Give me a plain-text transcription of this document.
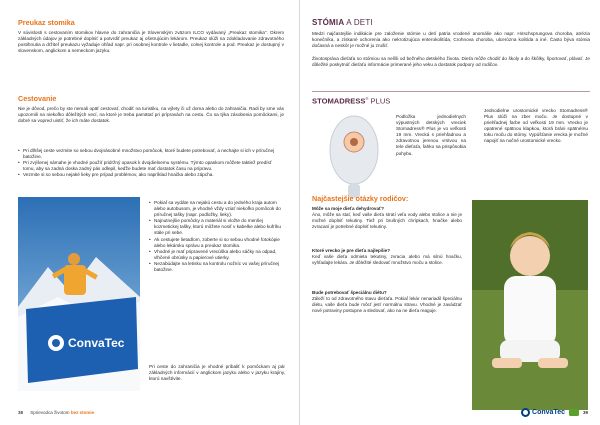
Preukaz stomika

V súvislosti s cestovaním stomikov hlavne do zahraničia je Slovenským zväzom ILCO vydávaný „Preukaz stomika". Okrem základných údajov je potrebné doplniť a potvrdiť preukaz aj ošetrujúcim lekárom. Preukaz slúži na zdokladovanie zdravotného postihnutia a držiteľ preukazu vyžaduje ohľad napr. pri osobnej kontrole v lietadle, colnej kontrole a pod. Preukaz je dostupný v slovenskom, anglickom a nemeckom jazyku.

Cestovanie

Nie je dôvod, prečo by ste nemali opäť cestovať, chodiť na turistiku, na výlety či už doma alebo do zahraničia. Radi by sme vás upozornili na niekoľko dôležitých vecí, na ktoré je treba pamätať pri prípravách na cestu. Čo sa týka zásobenia pomôckami, je dobré sa vopred uistiť, že ich máte dostatok.

• Pri dlhšej ceste vezmite so sebou dvojnásobné množstvo pomôcok, ktoré budete potrebovať, a nechajte si ich v príručnej batožine.
• Pri zvýšenej námahe je vhodné použiť pridržný opasok k dvojdielnemu systému. Týmto opaskom môžete taktiež predísť tomu, aby sa zadná doska zadný pás odlepil, keďže budete mať dostatok času na prípravu.
• Vezmite si so sebou nejaké lieky pre prípad problémov, ako napríklad hnačka alebo zápcha.
ConvaTec
• Pokiaľ sa vydáte na nejakú cestu a do jedného kraja autom alebo autobusom, je vhodné vždy vziať niekoľko pomôcok do príručnej tašky (napr. podložky, lieky).
• Najnutnejšie pomôcky a materiál si vložte do menšej kozmetickej tašky, ktorú môžete nosiť v kabelke alebo kufríku stále pri sebe.
• Ak cestujete lietadlom, zoberte si so sebou vhodné fotokópie alebo lekársku správu a preukaz stomika.
• Vhodné je mať pripravené vrecúška alebo sáčky na odpad, vlhčené obrúsky a papierové utierky.
• Nezabúdajte na letisku na kontrolu nožníc vo vašej príručnej batožine.

Pri ceste do zahraničia je vhodné pribaliť k pomôckam aj pár základných informácií v anglickom jazyku alebo v jazyku krajiny, ktorú navštívite.

38 Sprievodca životom bez stomie
STÓMIA A DETI

Medzi najčastejšie indikácie pre založenie stómie u detí patria vrodené anomálie ako napr. Hirschsprungova choroba, atrézia konečníka, a získané ochorenia ako nekrotizujúca enterokolitída, Crohnova choroba, ulcerózna kolitída a iné. Často býva stómia dočasná a neskôr je možné ju zrušiť.

Životospráva dieťaťa so stómiou sa nelíši od bežného detského života. Dieťa môže chodiť do školy a do škôlky, športovať, plávať. Je dôležité poskytnúť dieťaťu informácie primerané jeho veku a dostatok podpory od rodičov.

STOMADRESS® PLUS

Podložka jednodielnych výpustných detských vreciek Stomadress® Plus je vo veľkosti 19 mm. Vrecká s priehľadnou a zdravotnou jemnou vrstvou na tele dieťaťa, ľahko sa prispôsobia pohybu.

Jednodielne urostomické vrecko Stomadress® Plus slúži na zber moču. Je dostupné v priehľadnej farbe od veľkosti 19 mm. Vrecko je opatrené spätnou klapkou, ktorá bráni spätnému toku moču do stómy. Vypúšťanie vrecka je možné napojiť na nočné urostomické vrecko.

Najčastejšie otázky rodičov:
Môže sa moje dieťa dehydrovať?
Áno, môže sa stať, keď vaše dieťa stratí veľa vody alebo stolice a nie je možné doplniť tekutiny. Tiež pri brušných chrípkach, hnačke alebo zvracaní je potrebné doplniť tekutiny.
Ktoré vrecko je pre dieťa najlepšie?
Keď vaše dieťa odmieta tekutiny, zvracia alebo má silnú hnačku, vyhľadajte lekára. Je dôležité sledovať množstvo moču a stolice.
Bude potrebovať špeciálnu diétu?
Záleží to od zdravotného stavu dieťaťa. Pokiaľ lekár nenariadil špeciálnu diétu, vaše dieťa bude môcť jesť normálnu stravu. Vhodné je zavádzať nové potraviny postupne a sledovať, ako na ne dieťa reaguje.
ConvaTec	39
